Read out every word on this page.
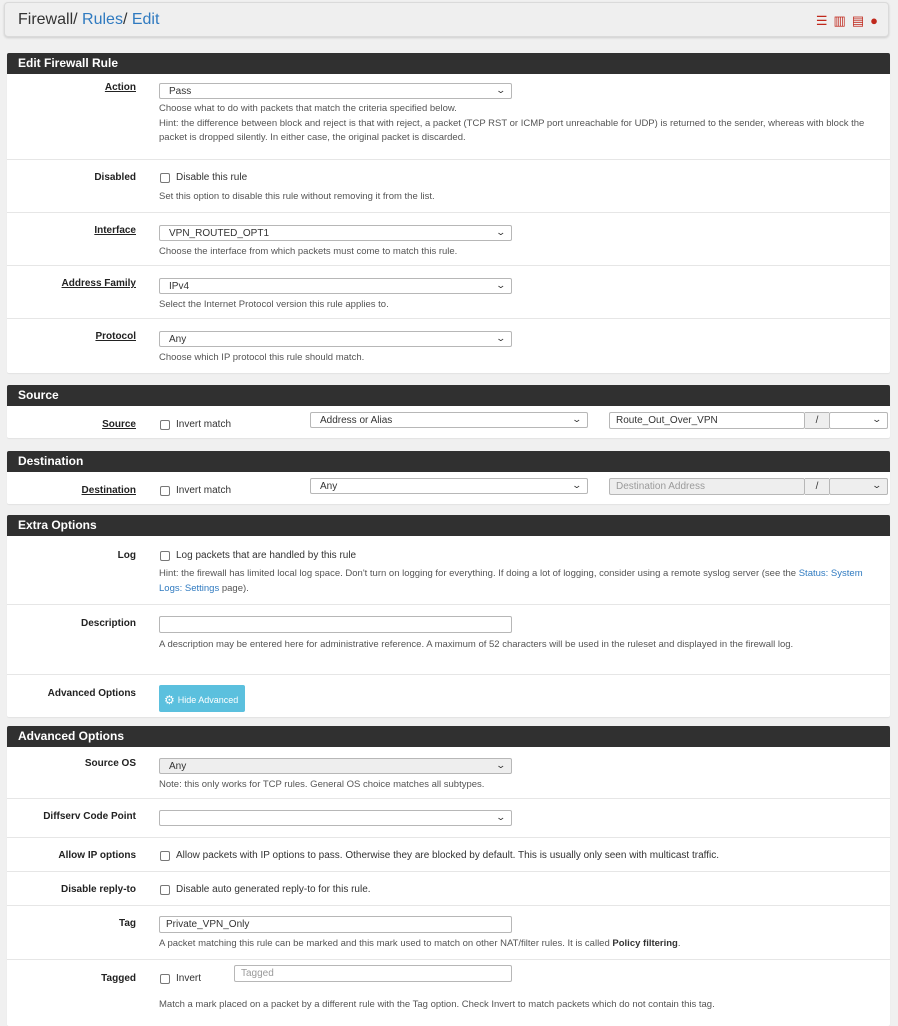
Firewall/ Rules/ Edit	☰ ▥ ▤ ●
Edit Firewall Rule
Action	Pass	⌄
Choose what to do with packets that match the criteria specified below.
Hint: the difference between block and reject is that with reject, a packet (TCP RST or ICMP port unreachable for UDP) is returned to the sender, whereas with block the packet is dropped silently. In either case, the original packet is discarded.
Disabled	Disable this rule
Set this option to disable this rule without removing it from the list.
Interface	VPN_ROUTED_OPT1	⌄
Choose the interface from which packets must come to match this rule.
Address Family	IPv4	⌄
Select the Internet Protocol version this rule applies to.
Protocol	Any	⌄
Choose which IP protocol this rule should match.
Source
Source	Invert match	Address or Alias	⌄	Route_Out_Over_VPN	/	⌄
Destination
Destination	Invert match	Any	⌄	Destination Address	/	⌄
Extra Options
Log	Log packets that are handled by this rule
Hint: the firewall has limited local log space. Don't turn on logging for everything. If doing a lot of logging, consider using a remote syslog server (see the Status: System Logs: Settings page).
Description
A description may be entered here for administrative reference. A maximum of 52 characters will be used in the ruleset and displayed in the firewall log.
Advanced Options	⚙ Hide Advanced
Advanced Options
Source OS	Any	⌄
Note: this only works for TCP rules. General OS choice matches all subtypes.
Diffserv Code Point	⌄
Allow IP options	Allow packets with IP options to pass. Otherwise they are blocked by default. This is usually only seen with multicast traffic.
Disable reply-to	Disable auto generated reply-to for this rule.
Tag	Private_VPN_Only
A packet matching this rule can be marked and this mark used to match on other NAT/filter rules. It is called Policy filtering.
Tagged	Invert	Tagged
Match a mark placed on a packet by a different rule with the Tag option. Check Invert to match packets which do not contain this tag.
